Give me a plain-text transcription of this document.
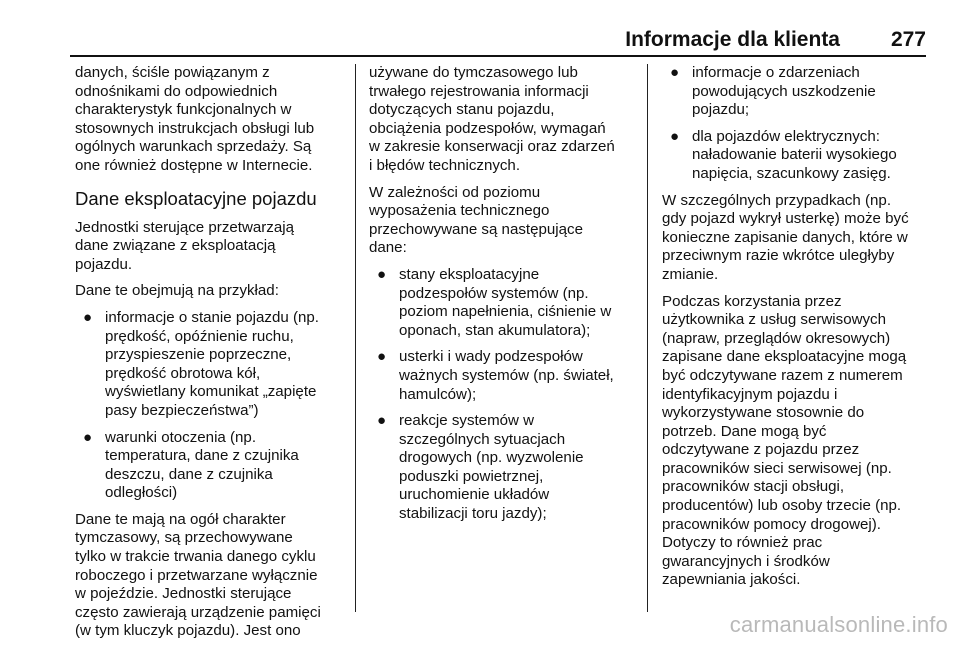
Informacje dla klienta 277

danych, ściśle powiązanym z
odnośnikami do odpowiednich
charakterystyk funkcjonalnych w
stosownych instrukcjach obsługi lub
ogólnych warunkach sprzedaży. Są
one również dostępne w Internecie.

Dane eksploatacyjne pojazdu

Jednostki sterujące przetwarzają
dane związane z eksploatacją
pojazdu.

Dane te obejmują na przykład:

● informacje o stanie pojazdu (np.
prędkość, opóźnienie ruchu,
przyspieszenie poprzeczne,
prędkość obrotowa kół,
wyświetlany komunikat „zapięte
pasy bezpieczeństwa”)
● warunki otoczenia (np.
temperatura, dane z czujnika
deszczu, dane z czujnika
odległości)

Dane te mają na ogół charakter
tymczasowy, są przechowywane
tylko w trakcie trwania danego cyklu
roboczego i przetwarzane wyłącznie
w pojeździe. Jednostki sterujące
często zawierają urządzenie pamięci
(w tym kluczyk pojazdu). Jest ono

używane do tymczasowego lub
trwałego rejestrowania informacji
dotyczących stanu pojazdu,
obciążenia podzespołów, wymagań
w zakresie konserwacji oraz zdarzeń
i błędów technicznych.

W zależności od poziomu
wyposażenia technicznego
przechowywane są następujące
dane:

● stany eksploatacyjne
podzespołów systemów (np.
poziom napełnienia, ciśnienie w
oponach, stan akumulatora);
● usterki i wady podzespołów
ważnych systemów (np. świateł,
hamulców);
● reakcje systemów w
szczególnych sytuacjach
drogowych (np. wyzwolenie
poduszki powietrznej,
uruchomienie układów
stabilizacji toru jazdy);
● informacje o zdarzeniach
powodujących uszkodzenie
pojazdu;
● dla pojazdów elektrycznych:
naładowanie baterii wysokiego
napięcia, szacunkowy zasięg.

W szczególnych przypadkach (np.
gdy pojazd wykrył usterkę) może być
konieczne zapisanie danych, które w
przeciwnym razie wkrótce uległyby
zmianie.

Podczas korzystania przez
użytkownika z usług serwisowych
(napraw, przeglądów okresowych)
zapisane dane eksploatacyjne mogą
być odczytywane razem z numerem
identyfikacyjnym pojazdu i
wykorzystywane stosownie do
potrzeb. Dane mogą być
odczytywane z pojazdu przez
pracowników sieci serwisowej (np.
pracowników stacji obsługi,
producentów) lub osoby trzecie (np.
pracowników pomocy drogowej).
Dotyczy to również prac
gwarancyjnych i środków
zapewniania jakości.

carmanualsonline.info
